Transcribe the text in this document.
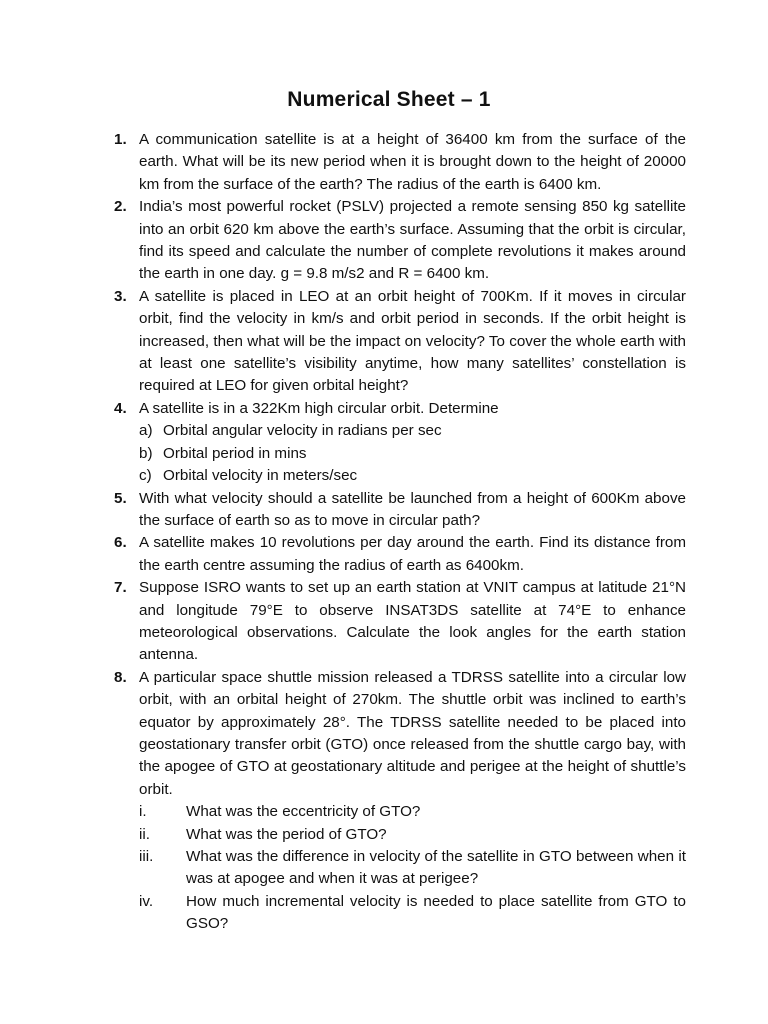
Numerical Sheet – 1
1. A communication satellite is at a height of 36400 km from the surface of the earth. What will be its new period when it is brought down to the height of 20000 km from the surface of the earth? The radius of the earth is 6400 km.
2. India’s most powerful rocket (PSLV) projected a remote sensing 850 kg satellite into an orbit 620 km above the earth’s surface. Assuming that the orbit is circular, find its speed and calculate the number of complete revolutions it makes around the earth in one day. g = 9.8 m/s2 and R = 6400 km.
3. A satellite is placed in LEO at an orbit height of 700Km. If it moves in circular orbit, find the velocity in km/s and orbit period in seconds. If the orbit height is increased, then what will be the impact on velocity? To cover the whole earth with at least one satellite’s visibility anytime, how many satellites’ constellation is required at LEO for given orbital height?
4. A satellite is in a 322Km high circular orbit. Determine
a) Orbital angular velocity in radians per sec
b) Orbital period in mins
c) Orbital velocity in meters/sec
5. With what velocity should a satellite be launched from a height of 600Km above the surface of earth so as to move in circular path?
6. A satellite makes 10 revolutions per day around the earth. Find its distance from the earth centre assuming the radius of earth as 6400km.
7. Suppose ISRO wants to set up an earth station at VNIT campus at latitude 21°N and longitude 79°E to observe INSAT3DS satellite at 74°E to enhance meteorological observations. Calculate the look angles for the earth station antenna.
8. A particular space shuttle mission released a TDRSS satellite into a circular low orbit, with an orbital height of 270km. The shuttle orbit was inclined to earth’s equator by approximately 28°. The TDRSS satellite needed to be placed into geostationary transfer orbit (GTO) once released from the shuttle cargo bay, with the apogee of GTO at geostationary altitude and perigee at the height of shuttle’s orbit.
i.	What was the eccentricity of GTO?
ii.	What was the period of GTO?
iii.	What was the difference in velocity of the satellite in GTO between when it was at apogee and when it was at perigee?
iv.	How much incremental velocity is needed to place satellite from GTO to GSO?
